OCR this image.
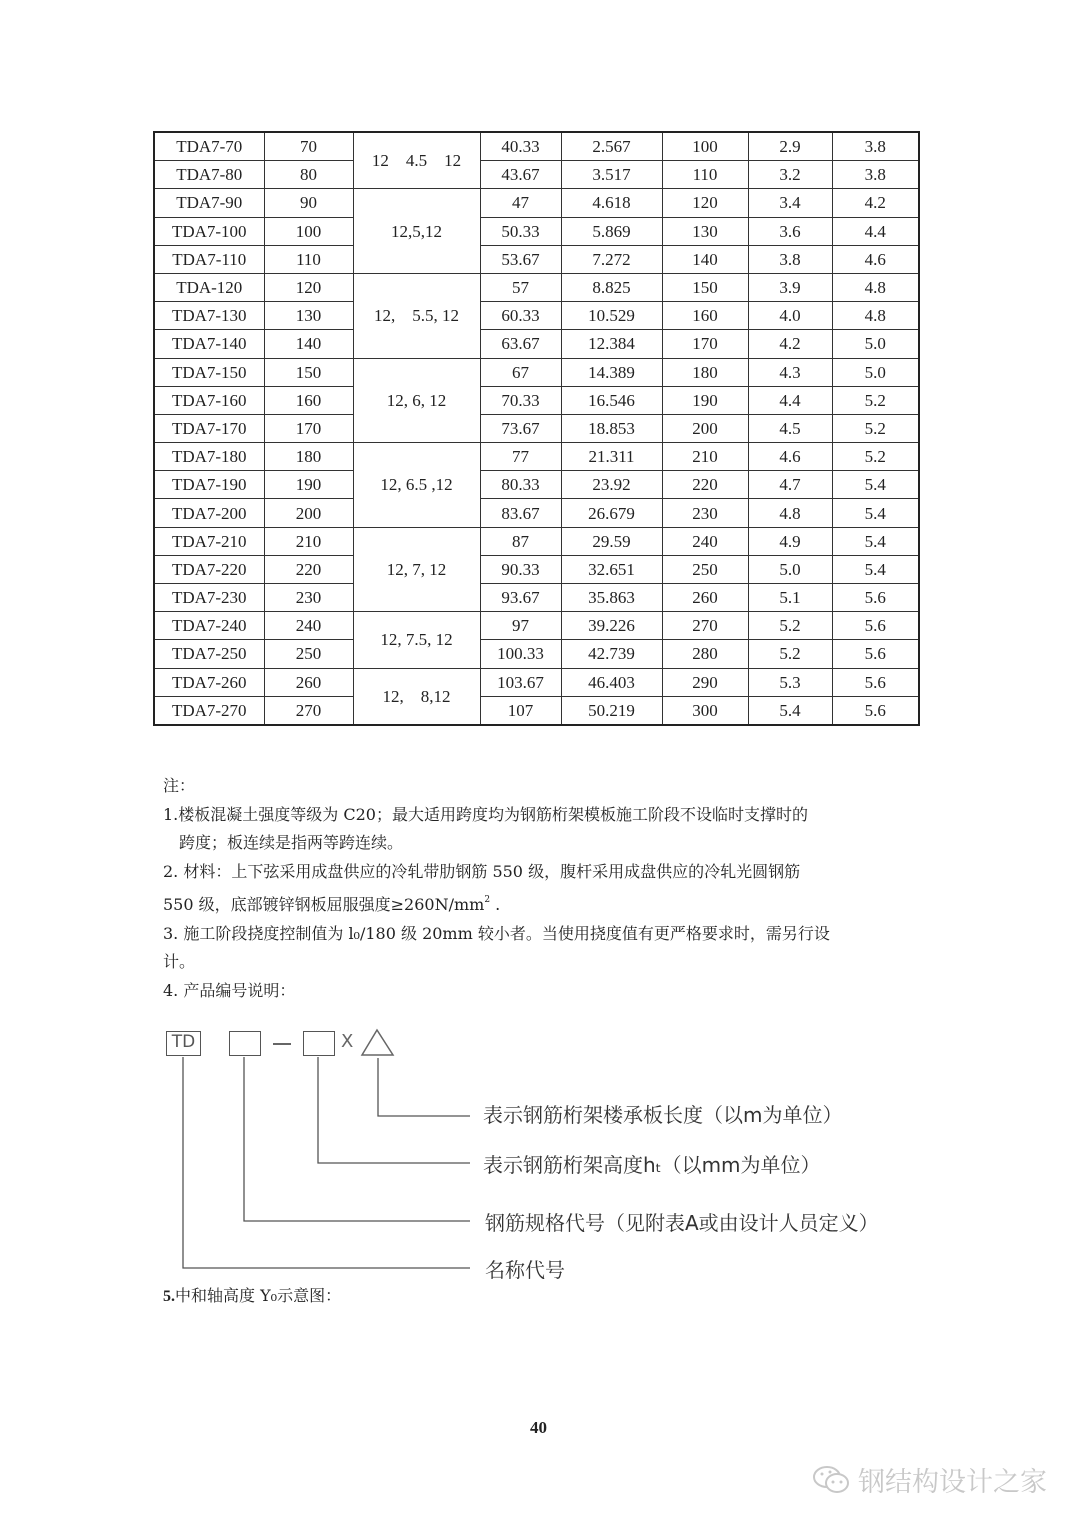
TDA7-70	70	12    4.5    12	40.33	2.567	100	2.9	3.8
TDA7-80	80		43.67	3.517	110	3.2	3.8
TDA7-90	90	12,5,12	47	4.618	120	3.4	4.2
TDA7-100	100		50.33	5.869	130	3.6	4.4
TDA7-110	110		53.67	7.272	140	3.8	4.6
TDA-120	120	12,    5.5, 12	57	8.825	150	3.9	4.8
TDA7-130	130		60.33	10.529	160	4.0	4.8
TDA7-140	140		63.67	12.384	170	4.2	5.0
TDA7-150	150	12, 6, 12	67	14.389	180	4.3	5.0
TDA7-160	160		70.33	16.546	190	4.4	5.2
TDA7-170	170		73.67	18.853	200	4.5	5.2
TDA7-180	180	12, 6.5 ,12	77	21.311	210	4.6	5.2
TDA7-190	190		80.33	23.92	220	4.7	5.4
TDA7-200	200		83.67	26.679	230	4.8	5.4
TDA7-210	210	12, 7, 12	87	29.59	240	4.9	5.4
TDA7-220	220		90.33	32.651	250	5.0	5.4
TDA7-230	230		93.67	35.863	260	5.1	5.6
TDA7-240	240	12, 7.5, 12	97	39.226	270	5.2	5.6
TDA7-250	250		100.33	42.739	280	5.2	5.6
TDA7-260	260	12,    8,12	103.67	46.403	290	5.3	5.6
TDA7-270	270		107	50.219	300	5.4	5.6

注：

1.楼板混凝土强度等级为 C20；最大适用跨度均为钢筋桁架模板施工阶段不设临时支撑时的

跨度；板连续是指两等跨连续。

2. 材料：上下弦采用成盘供应的冷轧带肋钢筋 550 级，腹杆采用成盘供应的冷轧光圆钢筋

550 级，底部镀锌钢板屈服强度$\ge 260N/mm^2$ .

3. 施工阶段挠度控制值为 l₀/180 级 20mm 较小者。当使用挠度值有更严格要求时，需另行设

计。

4. 产品编号说明：

TD	X
表示钢筋桁架楼承板长度（以m为单位）
表示钢筋桁架高度hₜ（以mm为单位）
钢筋规格代号（见附表A或由设计人员定义）
名称代号
5.中和轴高度 Y₀示意图：
40
钢结构设计之家
